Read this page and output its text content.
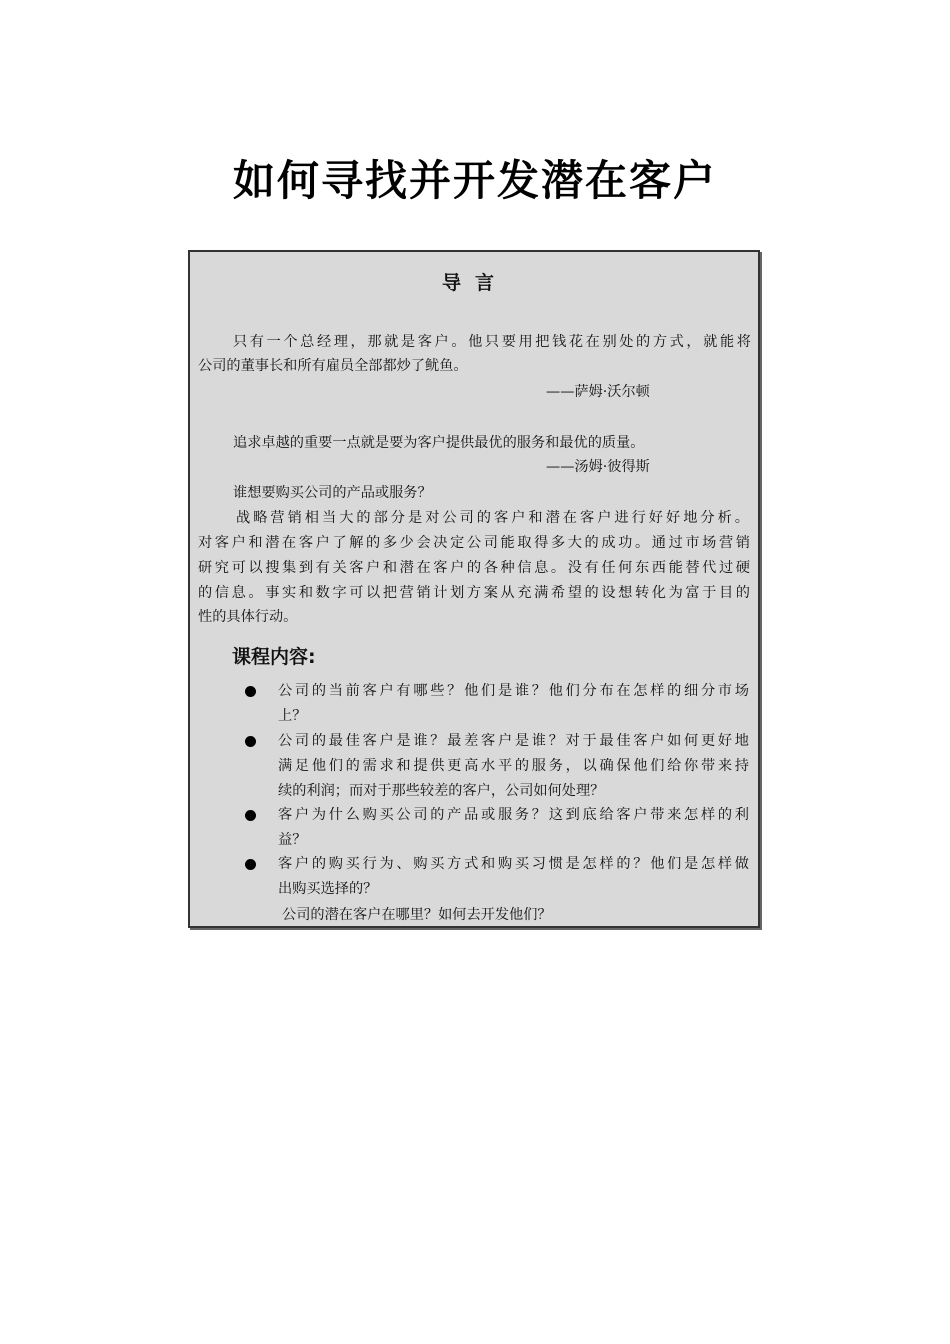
如何寻找并开发潜在客户
导言
只有一个总经理，那就是客户。他只要用把钱花在别处的方式，就能将
公司的董事长和所有雇员全部都炒了鱿鱼。
——萨姆·沃尔顿
追求卓越的重要一点就是要为客户提供最优的服务和最优的质量。
——汤姆·彼得斯
谁想要购买公司的产品或服务？
战略营销相当大的部分是对公司的客户和潜在客户进行好好地分析。
对客户和潜在客户了解的多少会决定公司能取得多大的成功。通过市场营销
研究可以搜集到有关客户和潜在客户的各种信息。没有任何东西能替代过硬
的信息。事实和数字可以把营销计划方案从充满希望的设想转化为富于目的
性的具体行动。
课程内容:
公司的当前客户有哪些？他们是谁？他们分布在怎样的细分市场
上？
公司的最佳客户是谁？最差客户是谁？对于最佳客户如何更好地
满足他们的需求和提供更高水平的服务，以确保他们给你带来持
续的利润；而对于那些较差的客户，公司如何处理？
客户为什么购买公司的产品或服务？这到底给客户带来怎样的利
益？
客户的购买行为、购买方式和购买习惯是怎样的？他们是怎样做
出购买选择的？
公司的潜在客户在哪里？如何去开发他们？
